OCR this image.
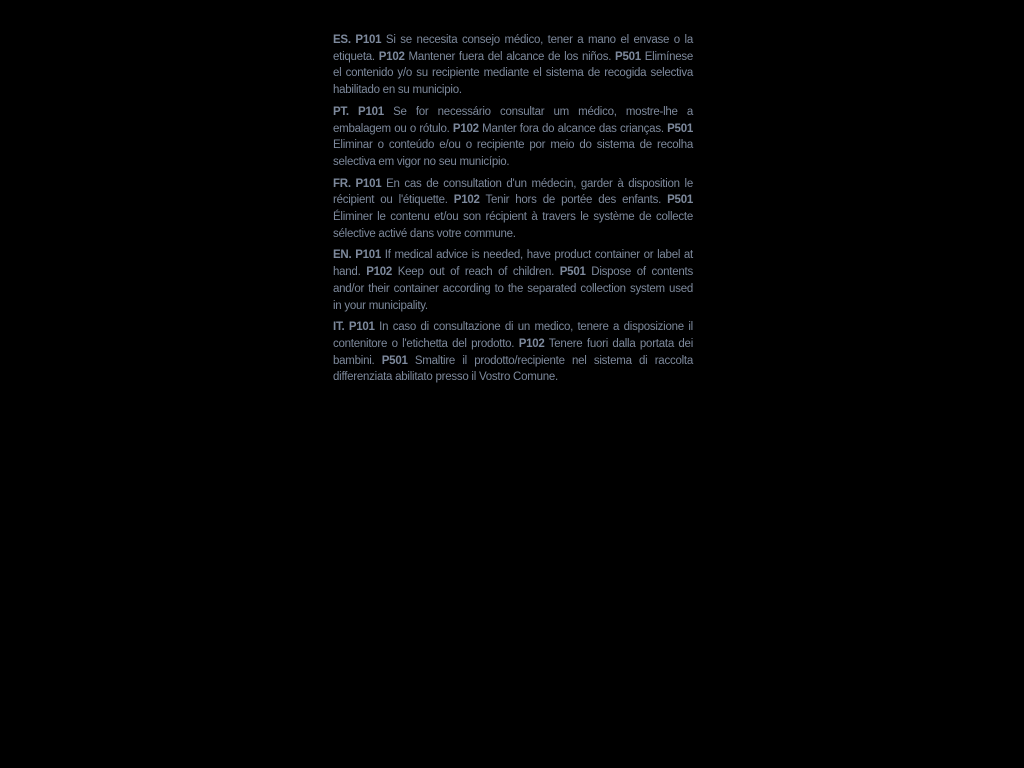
ES. P101 Si se necesita consejo médico, tener a mano el envase o la etiqueta. P102 Mantener fuera del alcance de los niños. P501 Elimínese el contenido y/o su recipiente mediante el sistema de recogida selectiva habilitado en su municipio.

PT. P101 Se for necessário consultar um médico, mostre-lhe a embalagem ou o rótulo. P102 Manter fora do alcance das crianças. P501 Eliminar o conteúdo e/ou o recipiente por meio do sistema de recolha selectiva em vigor no seu município.

FR. P101 En cas de consultation d'un médecin, garder à disposition le récipient ou l'étiquette. P102 Tenir hors de portée des enfants. P501 Éliminer le contenu et/ou son récipient à travers le système de collecte sélective activé dans votre commune.

EN. P101 If medical advice is needed, have product container or label at hand. P102 Keep out of reach of children. P501 Dispose of contents and/or their container according to the separated collection system used in your municipality.

IT. P101 In caso di consultazione di un medico, tenere a disposizione il contenitore o l'etichetta del prodotto. P102 Tenere fuori dalla portata dei bambini. P501 Smaltire il prodotto/recipiente nel sistema di raccolta differenziata abilitato presso il Vostro Comune.
